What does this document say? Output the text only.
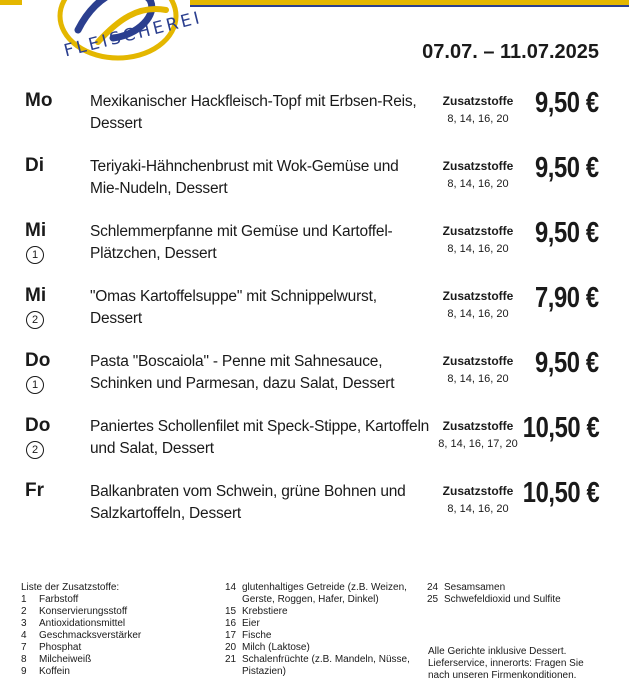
FLEISCHEREI	07.07. – 11.07.2025
Mo Mexikanischer Hackfleisch-Topf mit Erbsen-Reis, Dessert
Zusatzstoffe
8, 14, 16, 20 9,50 €
Di	Teriyaki-Hähnchenbrust mit Wok-Gemüse und Mie-Nudeln, Dessert
Zusatzstoffe
8, 14, 16, 20 9,50 €
Mi
1
Schlemmerpfanne mit Gemüse und Kartoffel-Plätzchen, Dessert
Zusatzstoffe
8, 14, 16, 20 9,50 €
Mi
2
"Omas Kartoffelsuppe" mit Schnippelwurst, Dessert
Zusatzstoffe
8, 14, 16, 20 7,90 €
Do
1
Pasta "Boscaiola" - Penne mit Sahnesauce, Schinken und Parmesan, dazu Salat, Dessert
Zusatzstoffe
8, 14, 16, 20 9,50 €
Do
2
Paniertes Schollenfilet mit Speck-Stippe, Kartoffeln und Salat, Dessert
Zusatzstoffe
8, 14, 16, 17, 20 10,50 €
Fr	Balkanbraten vom Schwein, grüne Bohnen und Salzkartoffeln, Dessert
Zusatzstoffe
8, 14, 16, 20 10,50 €
Liste der Zusatzstoffe:
1 Farbstoff
2 Konservierungsstoff
3 Antioxidationsmittel
4 Geschmacksverstärker
7 Phosphat
8 Milcheiweiß
9 Koffein
14 glutenhaltiges Getreide (z.B. Weizen,
Gerste, Roggen, Hafer, Dinkel)
15 Krebstiere
16 Eier
17 Fische
20 Milch (Laktose)
21 Schalenfrüchte (z.B. Mandeln, Nüsse,
Pistazien)
24 Sesamsamen
25 Schwefeldioxid und Sulfite
Alle Gerichte inklusive Dessert.
Lieferservice, innerorts: Fragen Sie
nach unseren Firmenkonditionen.
